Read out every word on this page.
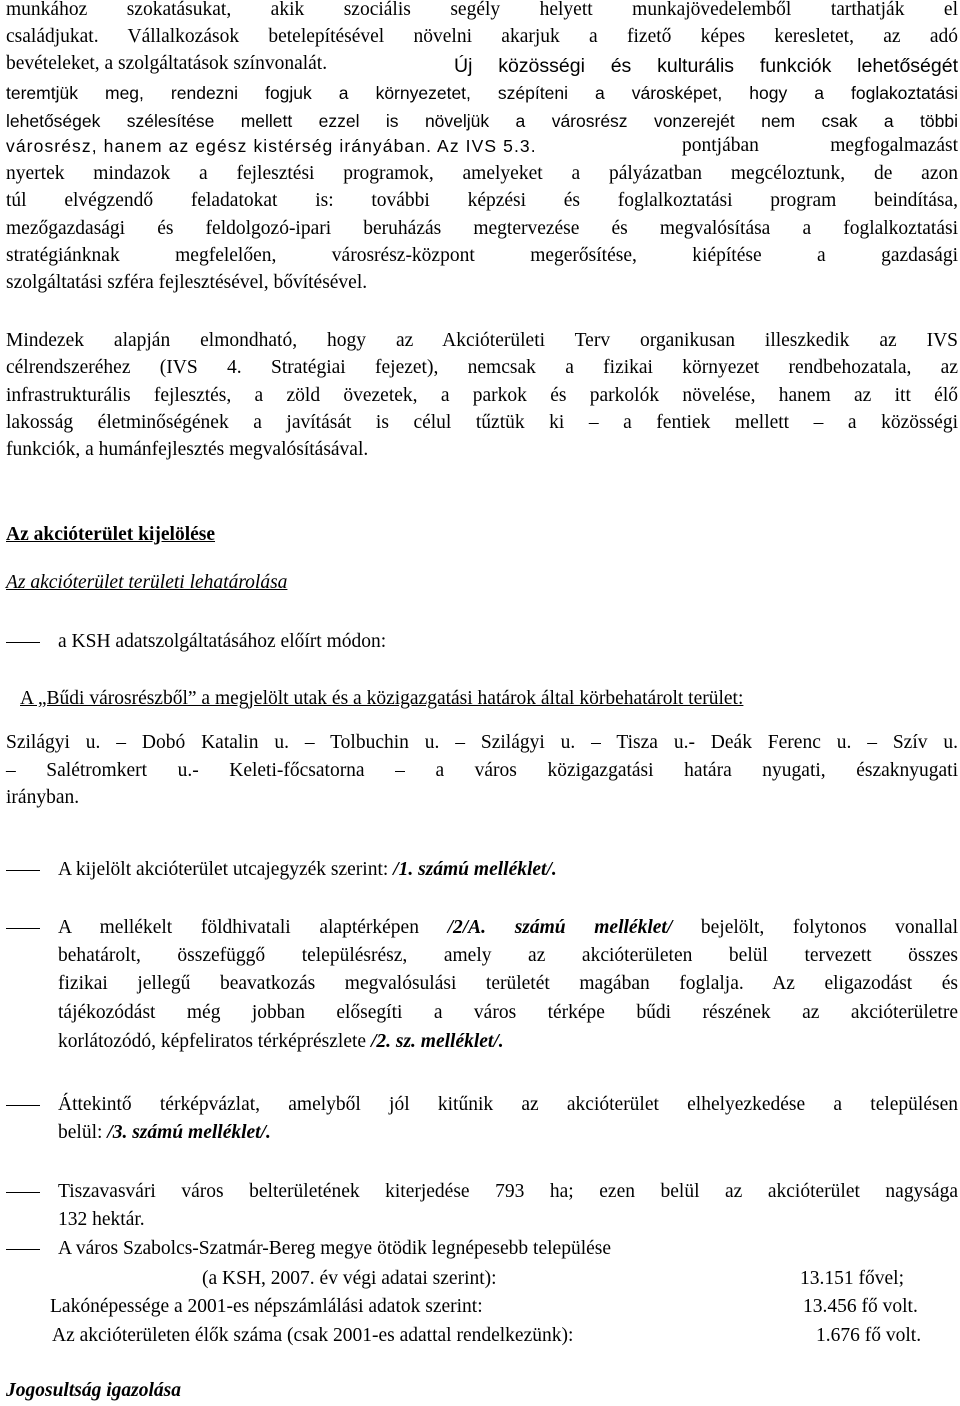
munkához szokatásukat, akik szociális segély helyett munkajövedelemből tarthatják el
családjukat. Vállalkozások betelepítésével növelni akarjuk a fizető képes keresletet, az adó
bevételeket, a szolgáltatások színvonalát.	Új közösségi és kulturális funkciók lehetőségét
teremtjük meg, rendezni fogjuk a környezetet, szépíteni a városképet, hogy a foglakoztatási
lehetőségek szélesítése mellett ezzel is növeljük a városrész vonzerejét nem csak a többi
városrész, hanem az egész kistérség irányában. Az IVS 5.3.	pontjában megfogalmazást
nyertek mindazok a fejlesztési programok, amelyeket a pályázatban megcéloztunk, de azon
túl elvégzendő feladatokat is: további képzési és foglalkoztatási program beindítása,
mezőgazdasági és feldolgozó-ipari beruházás megtervezése és megvalósítása a foglalkoztatási
stratégiánknak megfelelően, városrész-központ megerősítése, kiépítése a gazdasági
szolgáltatási szféra fejlesztésével, bővítésével.
Mindezek alapján elmondható, hogy az Akcióterületi Terv organikusan illeszkedik az IVS
célrendszeréhez (IVS 4. Stratégiai fejezet), nemcsak a fizikai környezet rendbehozatala, az
infrastrukturális fejlesztés, a zöld övezetek, a parkok és parkolók növelése, hanem az itt élő
lakosság életminőségének a javítását is célul tűztük ki – a fentiek mellett – a közösségi
funkciók, a humánfejlesztés megvalósításával.
Az akcióterület kijelölése
Az akcióterület területi lehatárolása
a KSH adatszolgáltatásához előírt módon:
A „Bűdi városrészből” a megjelölt utak és a közigazgatási határok által körbehatárolt terület:
Szilágyi u. – Dobó Katalin u. – Tolbuchin u. – Szilágyi u. – Tisza u.- Deák Ferenc u. – Szív u.
– Salétromkert u.- Keleti-főcsatorna – a város közigazgatási határa nyugati, északnyugati
irányban.
A kijelölt akcióterület utcajegyzék szerint: /1. számú melléklet/.
A mellékelt földhivatali alaptérképen /2/A. számú melléklet/ bejelölt, folytonos vonallal
behatárolt, összefüggő településrész, amely az akcióterületen belül tervezett összes
fizikai jellegű beavatkozás megvalósulási területét magában foglalja. Az eligazodást és
tájékozódást még jobban elősegíti a város térképe bűdi részének az akcióterületre
korlátozódó, képfeliratos térképrészlete /2. sz. melléklet/.
Áttekintő térképvázlat, amelyből jól kitűnik az akcióterület elhelyezkedése a településen
belül: /3. számú melléklet/.
Tiszavasvári város belterületének kiterjedése 793 ha; ezen belül az akcióterület nagysága
132 hektár.
A város Szabolcs-Szatmár-Bereg megye ötödik legnépesebb települése
(a KSH, 2007. év végi adatai szerint):	13.151 fővel;
Lakónépessége a 2001-es népszámlálási adatok szerint:	13.456 fő volt.
Az akcióterületen élők száma (csak 2001-es adattal rendelkezünk):	1.676 fő volt.
Jogosultság igazolása
